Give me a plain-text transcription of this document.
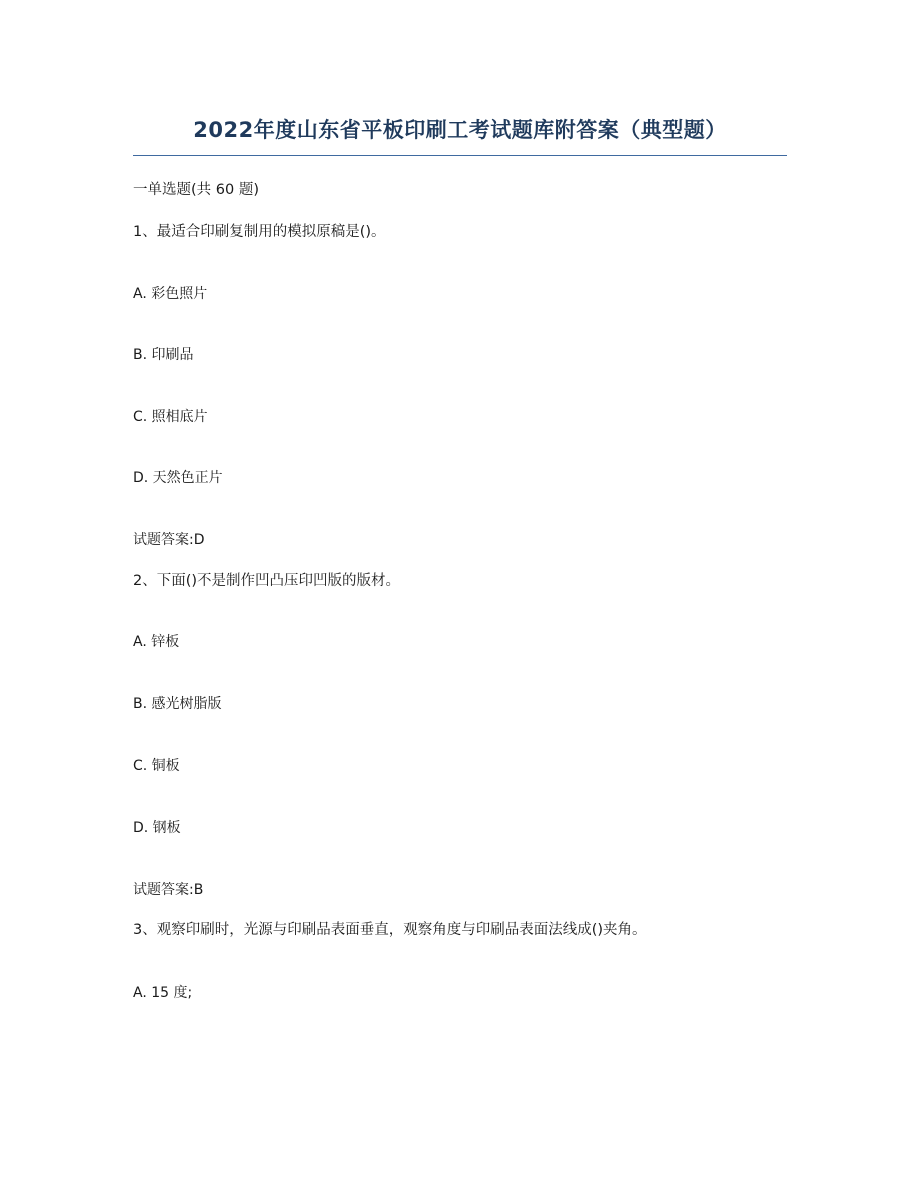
2022年度山东省平板印刷工考试题库附答案（典型题）
一单选题(共 60 题)
1、最适合印刷复制用的模拟原稿是()。
A. 彩色照片
B. 印刷品
C. 照相底片
D. 天然色正片
试题答案:D
2、下面()不是制作凹凸压印凹版的版材。
A. 锌板
B. 感光树脂版
C. 铜板
D. 钢板
试题答案:B
3、观察印刷时，光源与印刷品表面垂直，观察角度与印刷品表面法线成()夹角。
A. 15 度;
